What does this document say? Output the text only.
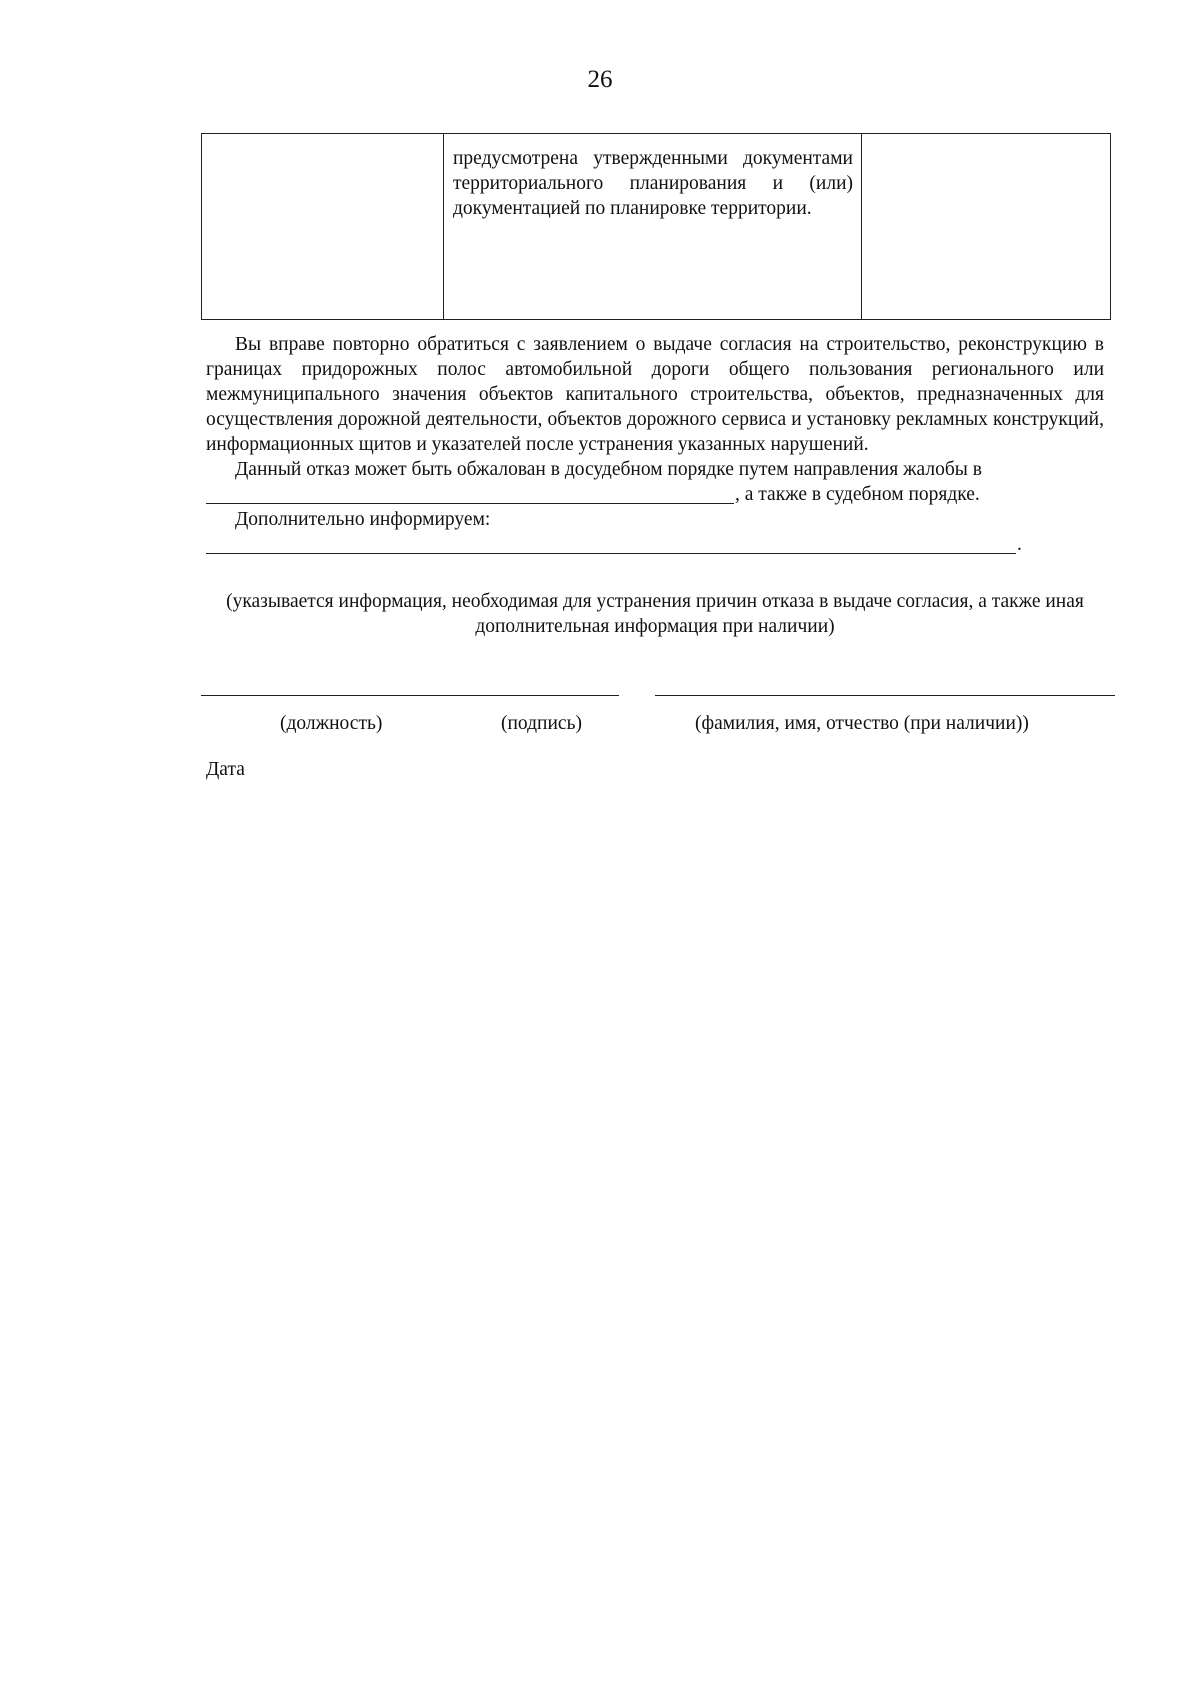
26

предусмотрена утвержденными документами территориального планирования и (или) документацией по планировке территории.

Вы вправе повторно обратиться с заявлением о выдаче согласия на строительство, реконструкцию в границах придорожных полос автомобильной дороги общего пользования регионального или межмуниципального значения объектов капитального строительства, объектов, предназначенных для осуществления дорожной деятельности, объектов дорожного сервиса и установку рекламных конструкций, информационных щитов и указателей после устранения указанных нарушений.

Данный отказ может быть обжалован в досудебном порядке путем направления жалобы в

, а также в судебном порядке.

Дополнительно информируем:

.
(указывается информация, необходимая для устранения причин отказа в выдаче согласия, а также иная дополнительная информация при наличии)
(должность)	(подпись)	(фамилия, имя, отчество (при наличии))
Дата
